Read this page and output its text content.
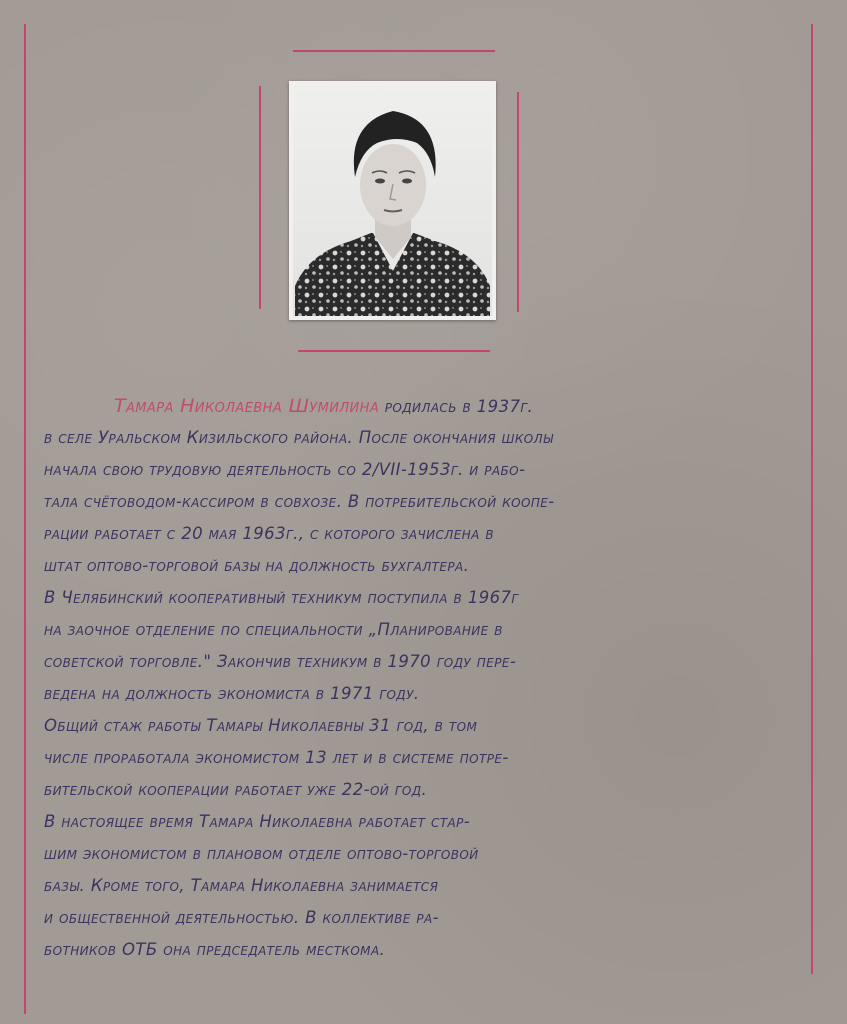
Тамара Николаевна Шумилина родилась в 1937г.
в селе Уральском Кизильского района. После окончания школы
начала свою трудовую деятельность со 2/VII-1953г. и рабо-
тала счётоводом-кассиром в совхозе. В потребительской коопе-
рации работает с 20 мая 1963г., с которого зачислена в
штат оптово-торговой базы на должность бухгалтера.
В Челябинский кооперативный техникум поступила в 1967г
на заочное отделение по специальности „Планирование в
советской торговле." Закончив техникум в 1970 году пере-
ведена на должность экономиста в 1971 году.
Общий стаж работы Тамары Николаевны 31 год, в том
числе проработала экономистом 13 лет и в системе потре-
бительской кооперации работает уже 22-ой год.
В настоящее время Тамара Николаевна работает стар-
шим экономистом в плановом отделе оптово-торговой
базы. Кроме того, Тамара Николаевна занимается
и общественной деятельностью. В коллективе ра-
ботников ОТБ она председатель месткома.
